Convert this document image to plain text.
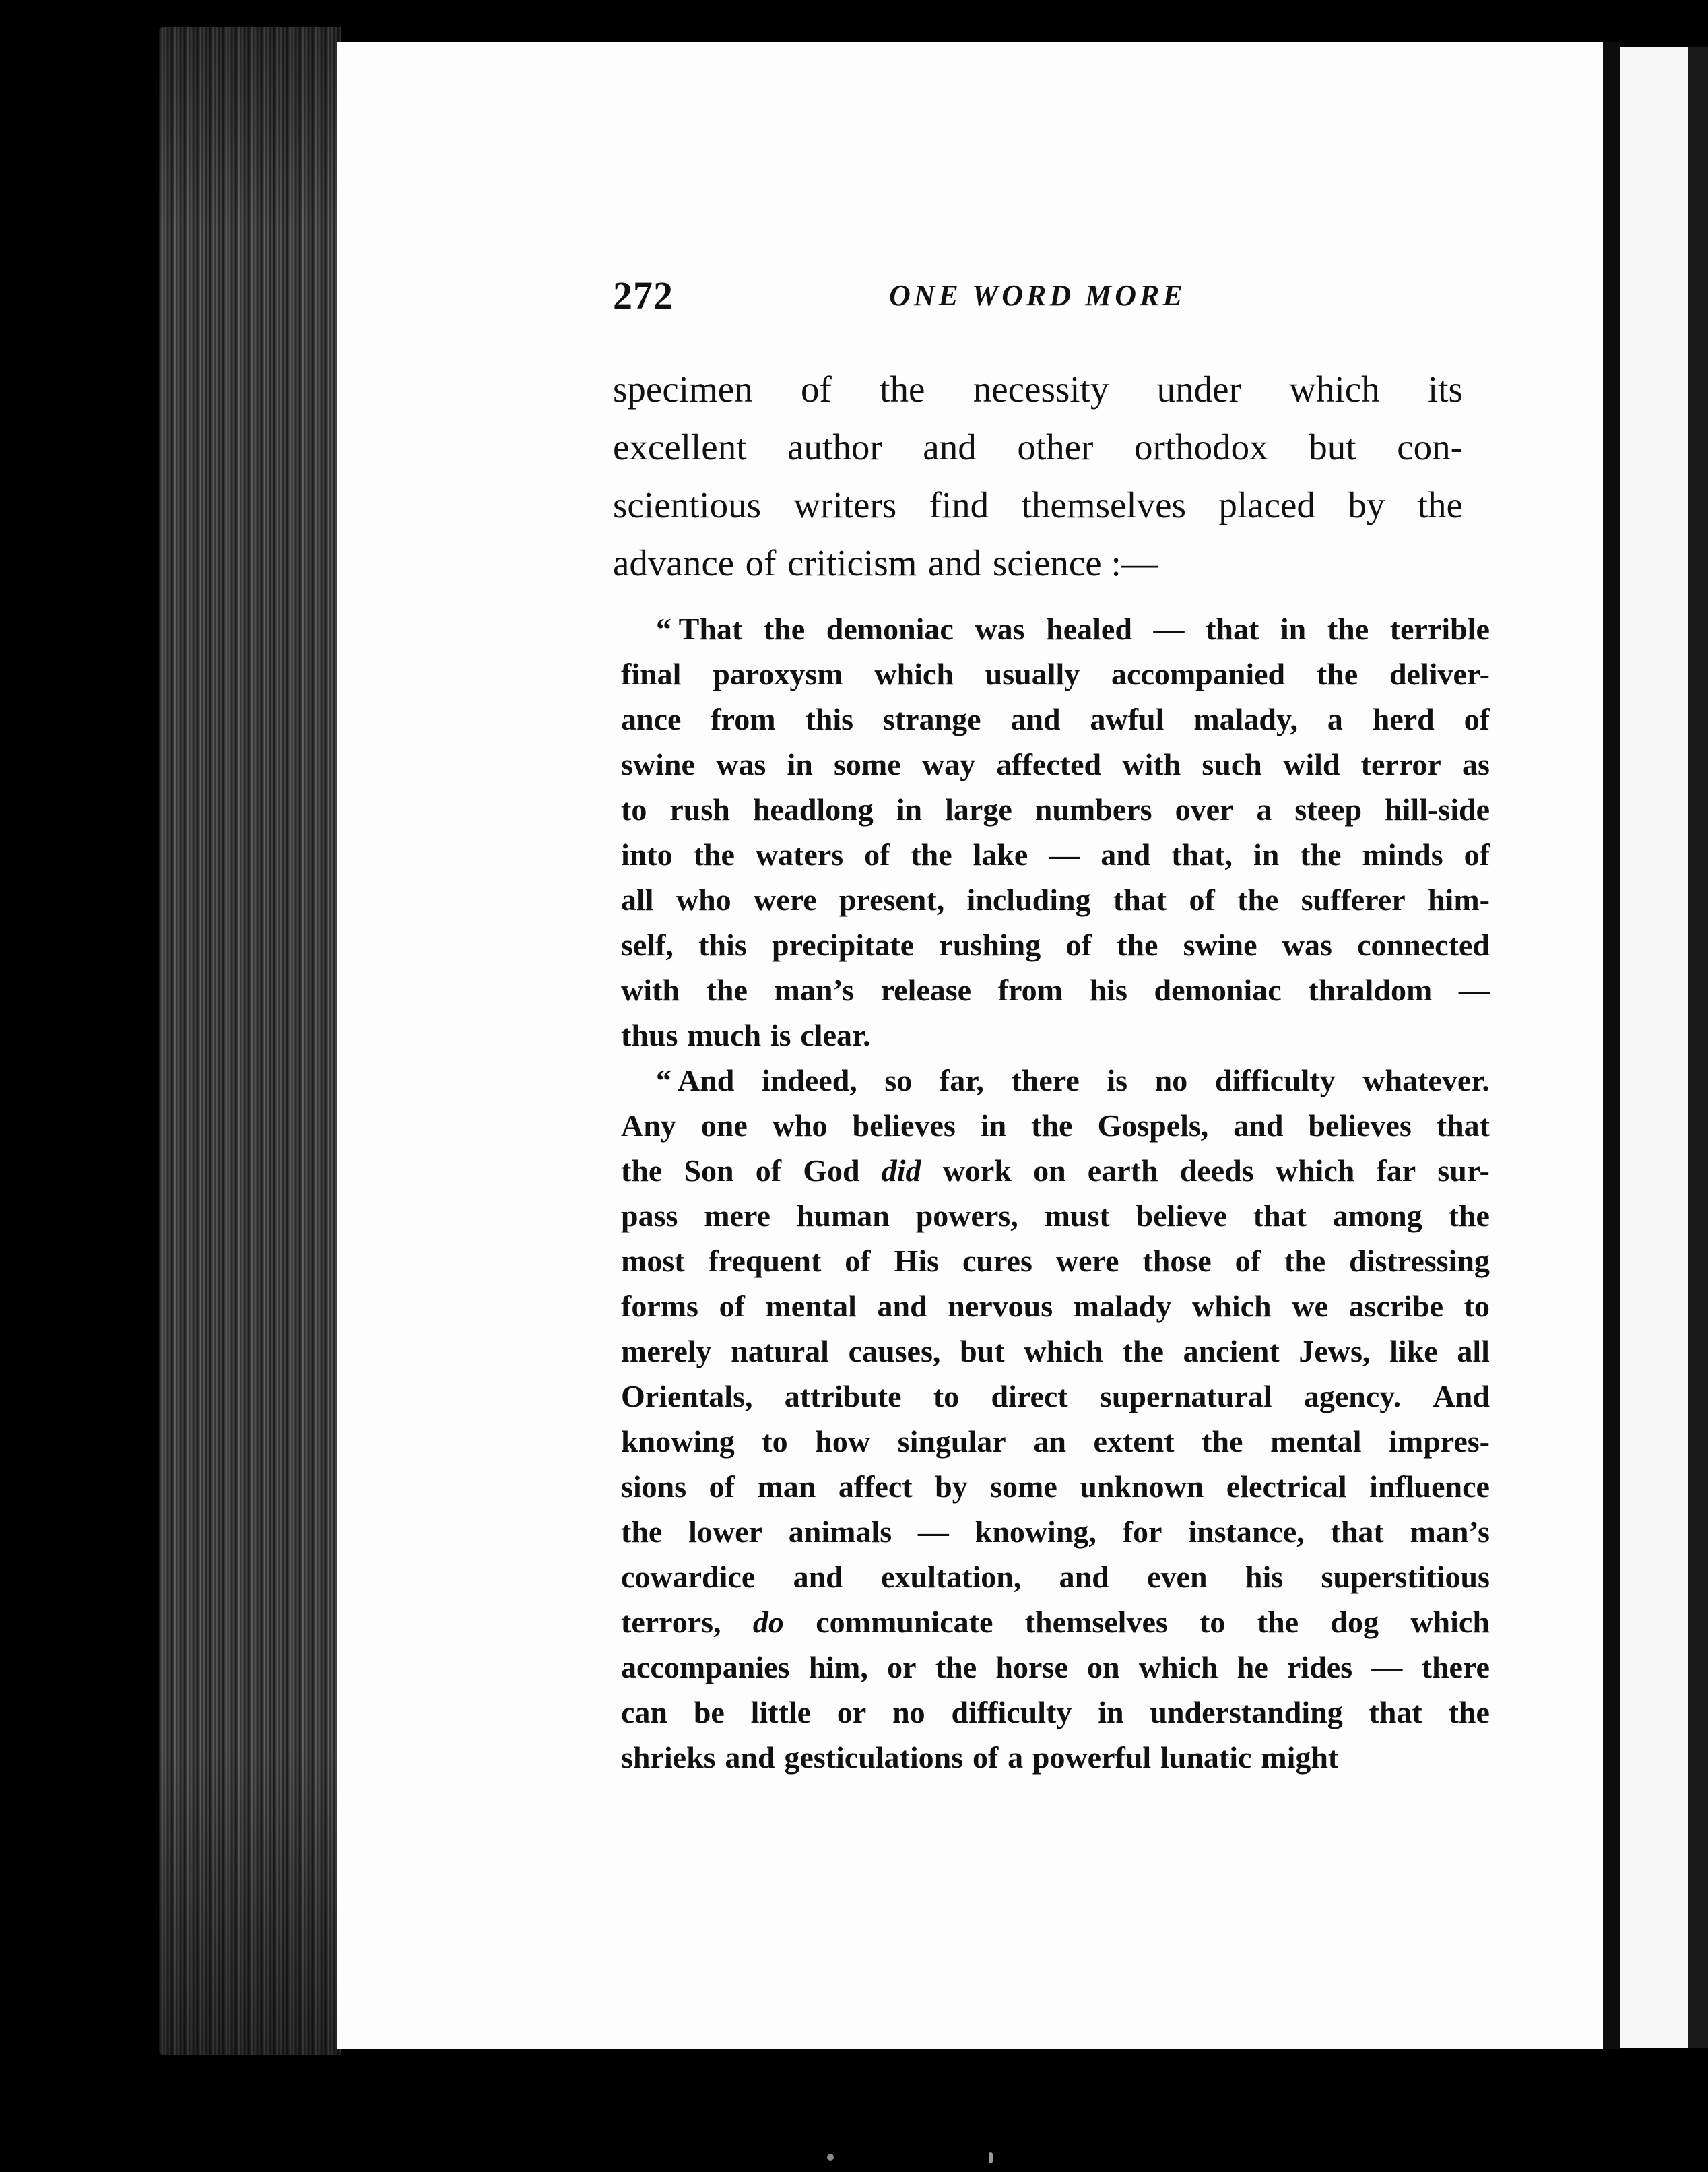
272	ONE WORD MORE
specimen of the necessity under which its
excellent author and other orthodox but con-
scientious writers find themselves placed by the
advance of criticism and science :—
“ That the demoniac was healed — that in the terrible
final paroxysm which usually accompanied the deliver-
ance from this strange and awful malady, a herd of
swine was in some way affected with such wild terror as
to rush headlong in large numbers over a steep hill-side
into the waters of the lake — and that, in the minds of
all who were present, including that of the sufferer him-
self, this precipitate rushing of the swine was connected
with the man’s release from his demoniac thraldom —
thus much is clear.
“ And indeed, so far, there is no difficulty whatever.
Any one who believes in the Gospels, and believes that
the Son of God did work on earth deeds which far sur-
pass mere human powers, must believe that among the
most frequent of His cures were those of the distressing
forms of mental and nervous malady which we ascribe to
merely natural causes, but which the ancient Jews, like all
Orientals, attribute to direct supernatural agency. And
knowing to how singular an extent the mental impres-
sions of man affect by some unknown electrical influence
the lower animals — knowing, for instance, that man’s
cowardice and exultation, and even his superstitious
terrors, do communicate themselves to the dog which
accompanies him, or the horse on which he rides — there
can be little or no difficulty in understanding that the
shrieks and gesticulations of a powerful lunatic might
